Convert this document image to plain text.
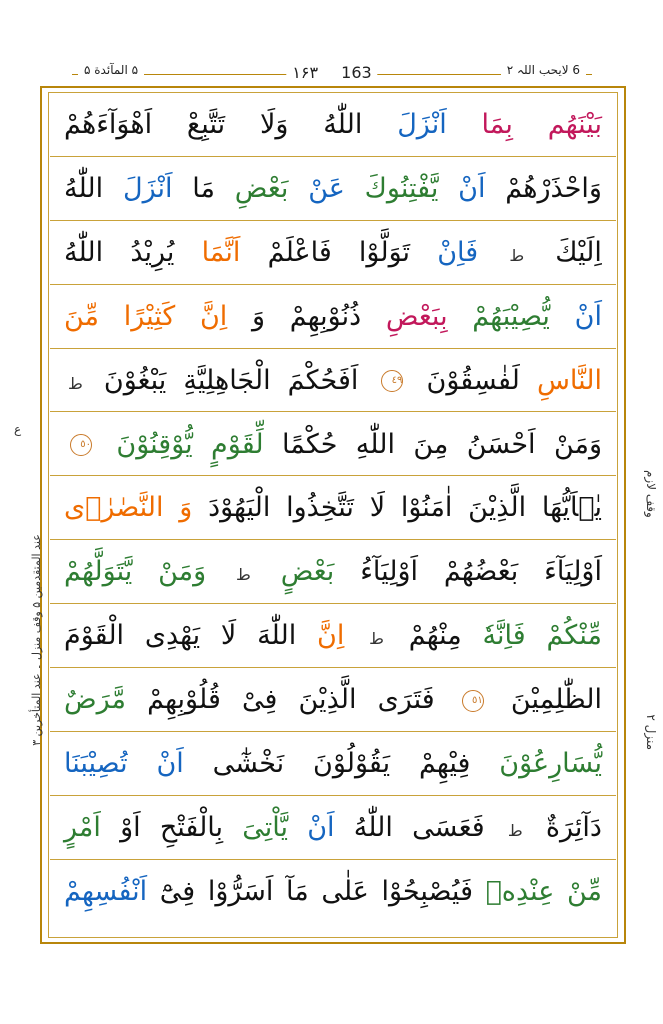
۵ المآئدة ۵	۱۶۳ 163	6 لایحب اللہ ۲
بَيْنَهُم بِمَا اَنْزَلَ اللّٰهُ وَلَا تَتَّبِعْ اَهْوَآءَهُمْ
وَاحْذَرْهُمْ اَنْ يَّفْتِنُوكَ عَنْ بَعْضِ مَا اَنْزَلَ اللّٰهُ
اِلَيْكَ ط فَاِنْ تَوَلَّوْا فَاعْلَمْ اَنَّمَا يُرِيْدُ اللّٰهُ
اَنْ يُّصِيْبَهُمْ بِبَعْضِ ذُنُوْبِهِمْ وَ اِنَّ كَثِيْرًا مِّنَ
النَّاسِ لَفٰسِقُوْنَ ٤٩ اَفَحُكْمَ الْجَاهِلِيَّةِ يَبْغُوْنَ ط
وَمَنْ اَحْسَنُ مِنَ اللّٰهِ حُكْمًا لِّقَوْمٍ يُّوْقِنُوْنَ ٥٠
يٰۤاَيُّهَا الَّذِيْنَ اٰمَنُوْا لَا تَتَّخِذُوا الْيَهُوْدَ وَ النَّصٰرٰۤى
اَوْلِيَآءَ بَعْضُهُمْ اَوْلِيَآءُ بَعْضٍ ط وَمَنْ يَّتَوَلَّهُمْ
مِّنْكُمْ فَاِنَّهٗ مِنْهُمْ ط اِنَّ اللّٰهَ لَا يَهْدِى الْقَوْمَ
الظّٰلِمِيْنَ ٥١ فَتَرَى الَّذِيْنَ فِىْ قُلُوْبِهِمْ مَّرَضٌ
يُّسَارِعُوْنَ فِيْهِمْ يَقُوْلُوْنَ نَخْشٰٓى اَنْ تُصِيْبَنَا
دَآئِرَةٌ ط فَعَسَى اللّٰهُ اَنْ يَّاْتِىَ بِالْفَتْحِ اَوْ اَمْرٍ
مِّنْ عِنْدِهٖ فَيُصْبِحُوْا عَلٰى مَآ اَسَرُّوْا فِىْٓ اَنْفُسِهِمْ
ع
عند المتقدمین ۵ وقف منزل ۔ عند المتأخرین ۳
منزل ۲
وقف لازم
